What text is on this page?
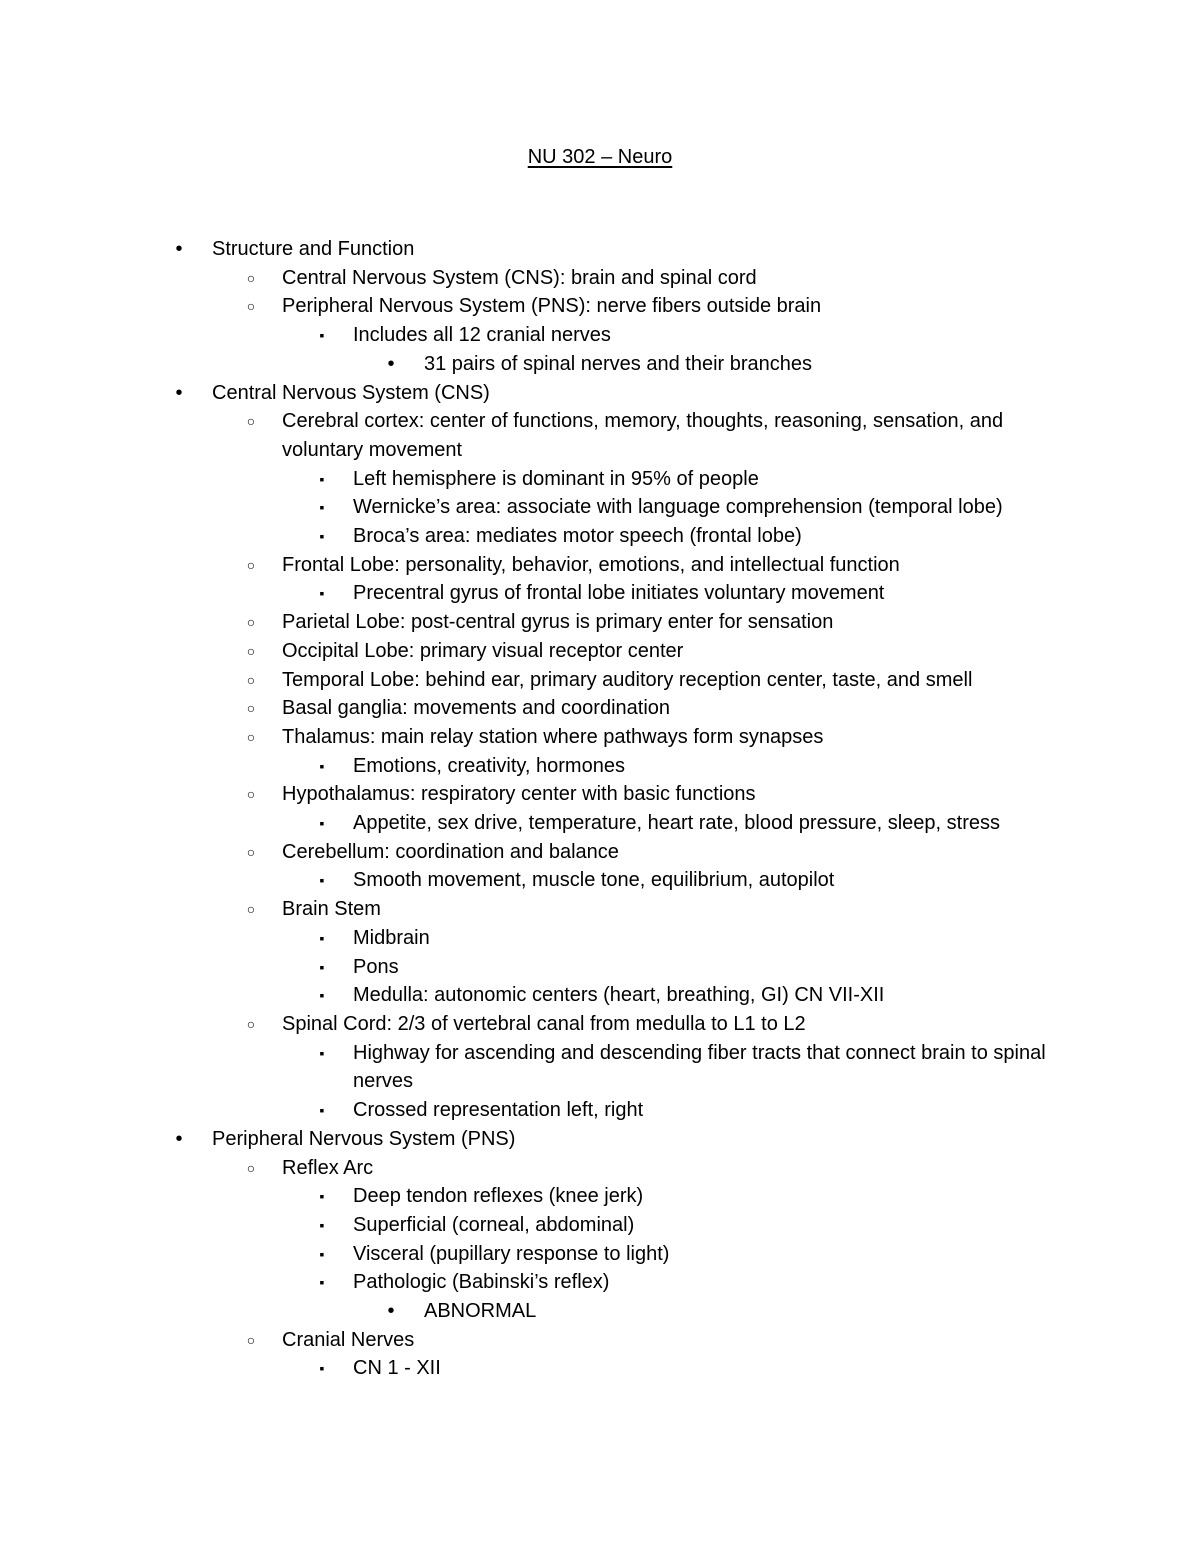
NU 302 – Neuro
• Structure and Function
○ Central Nervous System (CNS): brain and spinal cord
○ Peripheral Nervous System (PNS): nerve fibers outside brain
▪ Includes all 12 cranial nerves
• 31 pairs of spinal nerves and their branches
• Central Nervous System (CNS)
○ Cerebral cortex: center of functions, memory, thoughts, reasoning, sensation, and voluntary movement
▪ Left hemisphere is dominant in 95% of people
▪ Wernicke’s area: associate with language comprehension (temporal lobe)
▪ Broca’s area: mediates motor speech (frontal lobe)
○ Frontal Lobe: personality, behavior, emotions, and intellectual function
▪ Precentral gyrus of frontal lobe initiates voluntary movement
○ Parietal Lobe: post-central gyrus is primary enter for sensation
○ Occipital Lobe: primary visual receptor center
○ Temporal Lobe: behind ear, primary auditory reception center, taste, and smell
○ Basal ganglia: movements and coordination
○ Thalamus: main relay station where pathways form synapses
▪ Emotions, creativity, hormones
○ Hypothalamus: respiratory center with basic functions
▪ Appetite, sex drive, temperature, heart rate, blood pressure, sleep, stress
○ Cerebellum: coordination and balance
▪ Smooth movement, muscle tone, equilibrium, autopilot
○ Brain Stem
▪ Midbrain
▪ Pons
▪ Medulla: autonomic centers (heart, breathing, GI) CN VII-XII
○ Spinal Cord: 2/3 of vertebral canal from medulla to L1 to L2
▪ Highway for ascending and descending fiber tracts that connect brain to spinal nerves
▪ Crossed representation left, right
• Peripheral Nervous System (PNS)
○ Reflex Arc
▪ Deep tendon reflexes (knee jerk)
▪ Superficial (corneal, abdominal)
▪ Visceral (pupillary response to light)
▪ Pathologic (Babinski’s reflex)
• ABNORMAL
○ Cranial Nerves
▪ CN 1 - XII
